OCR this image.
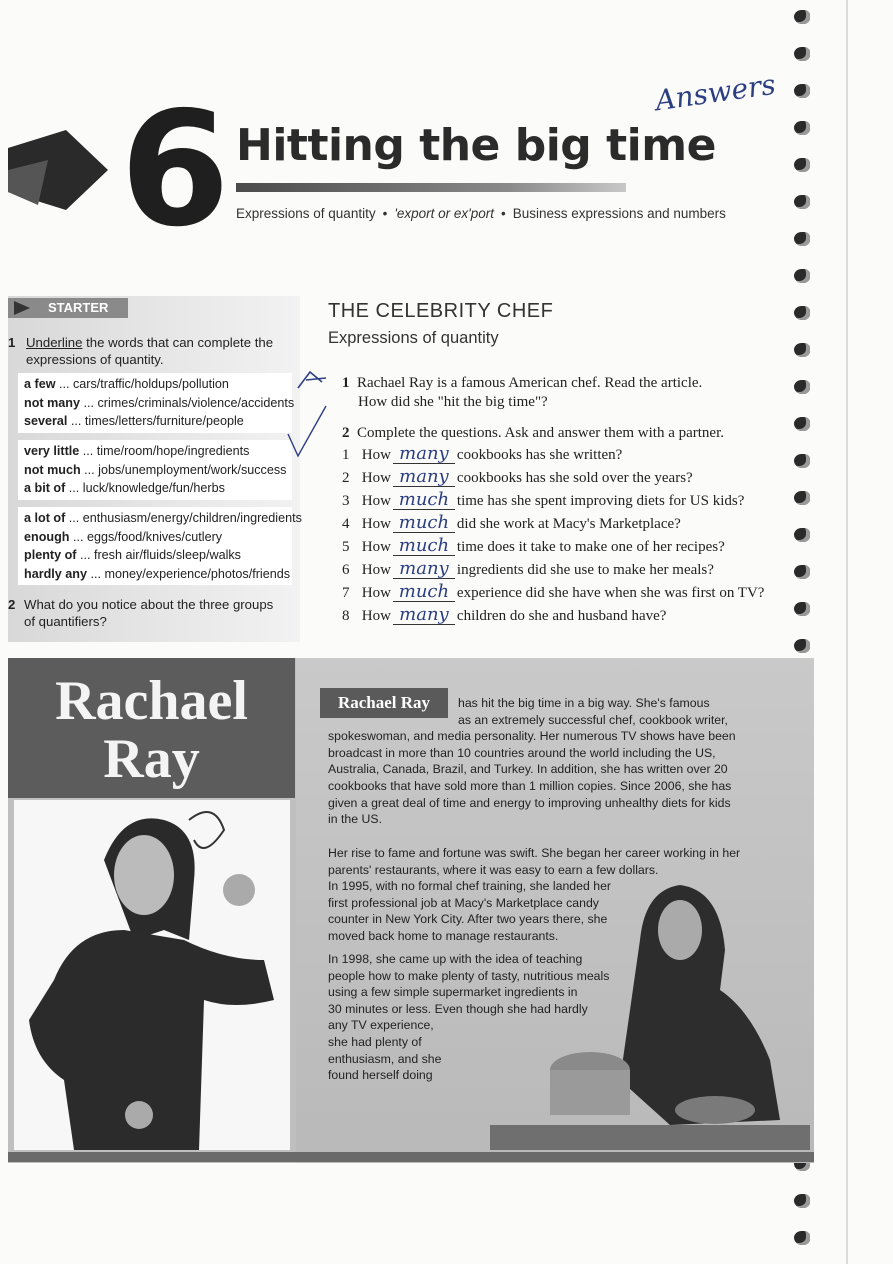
6 Hitting the big time
Expressions of quantity • 'export or ex'port • Business expressions and numbers
Answers
STARTER
1 Underline the words that can complete the
expressions of quantity.
a few ... cars/traffic/holdups/pollution
not many ... crimes/criminals/violence/accidents
several ... times/letters/furniture/people
very little ... time/room/hope/ingredients
not much ... jobs/unemployment/work/success
a bit of ... luck/knowledge/fun/herbs
a lot of ... enthusiasm/energy/children/ingredients
enough ... eggs/food/knives/cutlery
plenty of ... fresh air/fluids/sleep/walks
hardly any ... money/experience/photos/friends
2 What do you notice about the three groups
of quantifiers?
THE CELEBRITY CHEF
Expressions of quantity
1 Rachael Ray is a famous American chef. Read the article.
How did she "hit the big time"?
2 Complete the questions. Ask and answer them with a partner.
1 How many cookbooks has she written?
2 How many cookbooks has she sold over the years?
3 How much time has she spent improving diets for US kids?
4 How much did she work at Macy's Marketplace?
5 How much time does it take to make one of her recipes?
6 How many ingredients did she use to make her meals?
7 How much experience did she have when she was first on TV?
8 How many children do she and husband have?
Rachael
Ray
Rachael Ray	has hit the big time in a big way. She's famous
as an extremely successful chef, cookbook writer,
spokeswoman, and media personality. Her numerous TV shows have been
broadcast in more than 10 countries around the world including the US,
Australia, Canada, Brazil, and Turkey. In addition, she has written over 20
cookbooks that have sold more than 1 million copies. Since 2006, she has
given a great deal of time and energy to improving unhealthy diets for kids
in the US.
Her rise to fame and fortune was swift. She began her career working in her
parents' restaurants, where it was easy to earn a few dollars.
In 1995, with no formal chef training, she landed her
first professional job at Macy's Marketplace candy
counter in New York City. After two years there, she
moved back home to manage restaurants.
In 1998, she came up with the idea of teaching
people how to make plenty of tasty, nutritious meals
using a few simple supermarket ingredients in
30 minutes or less. Even though she had hardly
any TV experience,
she had plenty of
enthusiasm, and she
found herself doing
